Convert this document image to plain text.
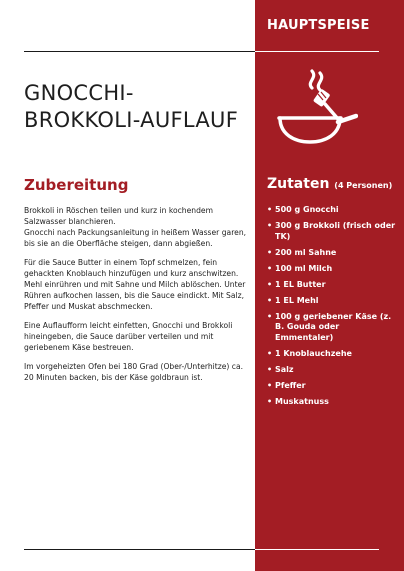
GNOCCHI-
BROKKOLI-AUFLAUF
Zubereitung

Brokkoli in Röschen teilen und kurz in kochendem Salzwasser blanchieren.
Gnocchi nach Packungsanleitung in heißem Wasser garen, bis sie an die Oberfläche steigen, dann abgießen.

Für die Sauce Butter in einem Topf schmelzen, fein gehackten Knoblauch hinzufügen und kurz anschwitzen. Mehl einrühren und mit Sahne und Milch ablöschen. Unter Rühren aufkochen lassen, bis die Sauce eindickt. Mit Salz, Pfeffer und Muskat abschmecken.

Eine Auflaufform leicht einfetten, Gnocchi und Brokkoli hineingeben, die Sauce darüber verteilen und mit geriebenem Käse bestreuen.

Im vorgeheizten Ofen bei 180 Grad (Ober-/Unterhitze) ca. 20 Minuten backen, bis der Käse goldbraun ist.

HAUPTSPEISE
Zutaten (4 Personen)
• 500 g Gnocchi
• 300 g Brokkoli (frisch oder TK)
• 200 ml Sahne
• 100 ml Milch
• 1 EL Butter
• 1 EL Mehl
• 100 g geriebener Käse (z. B. Gouda oder Emmentaler)
• 1 Knoblauchzehe
• Salz
• Pfeffer
• Muskatnuss
